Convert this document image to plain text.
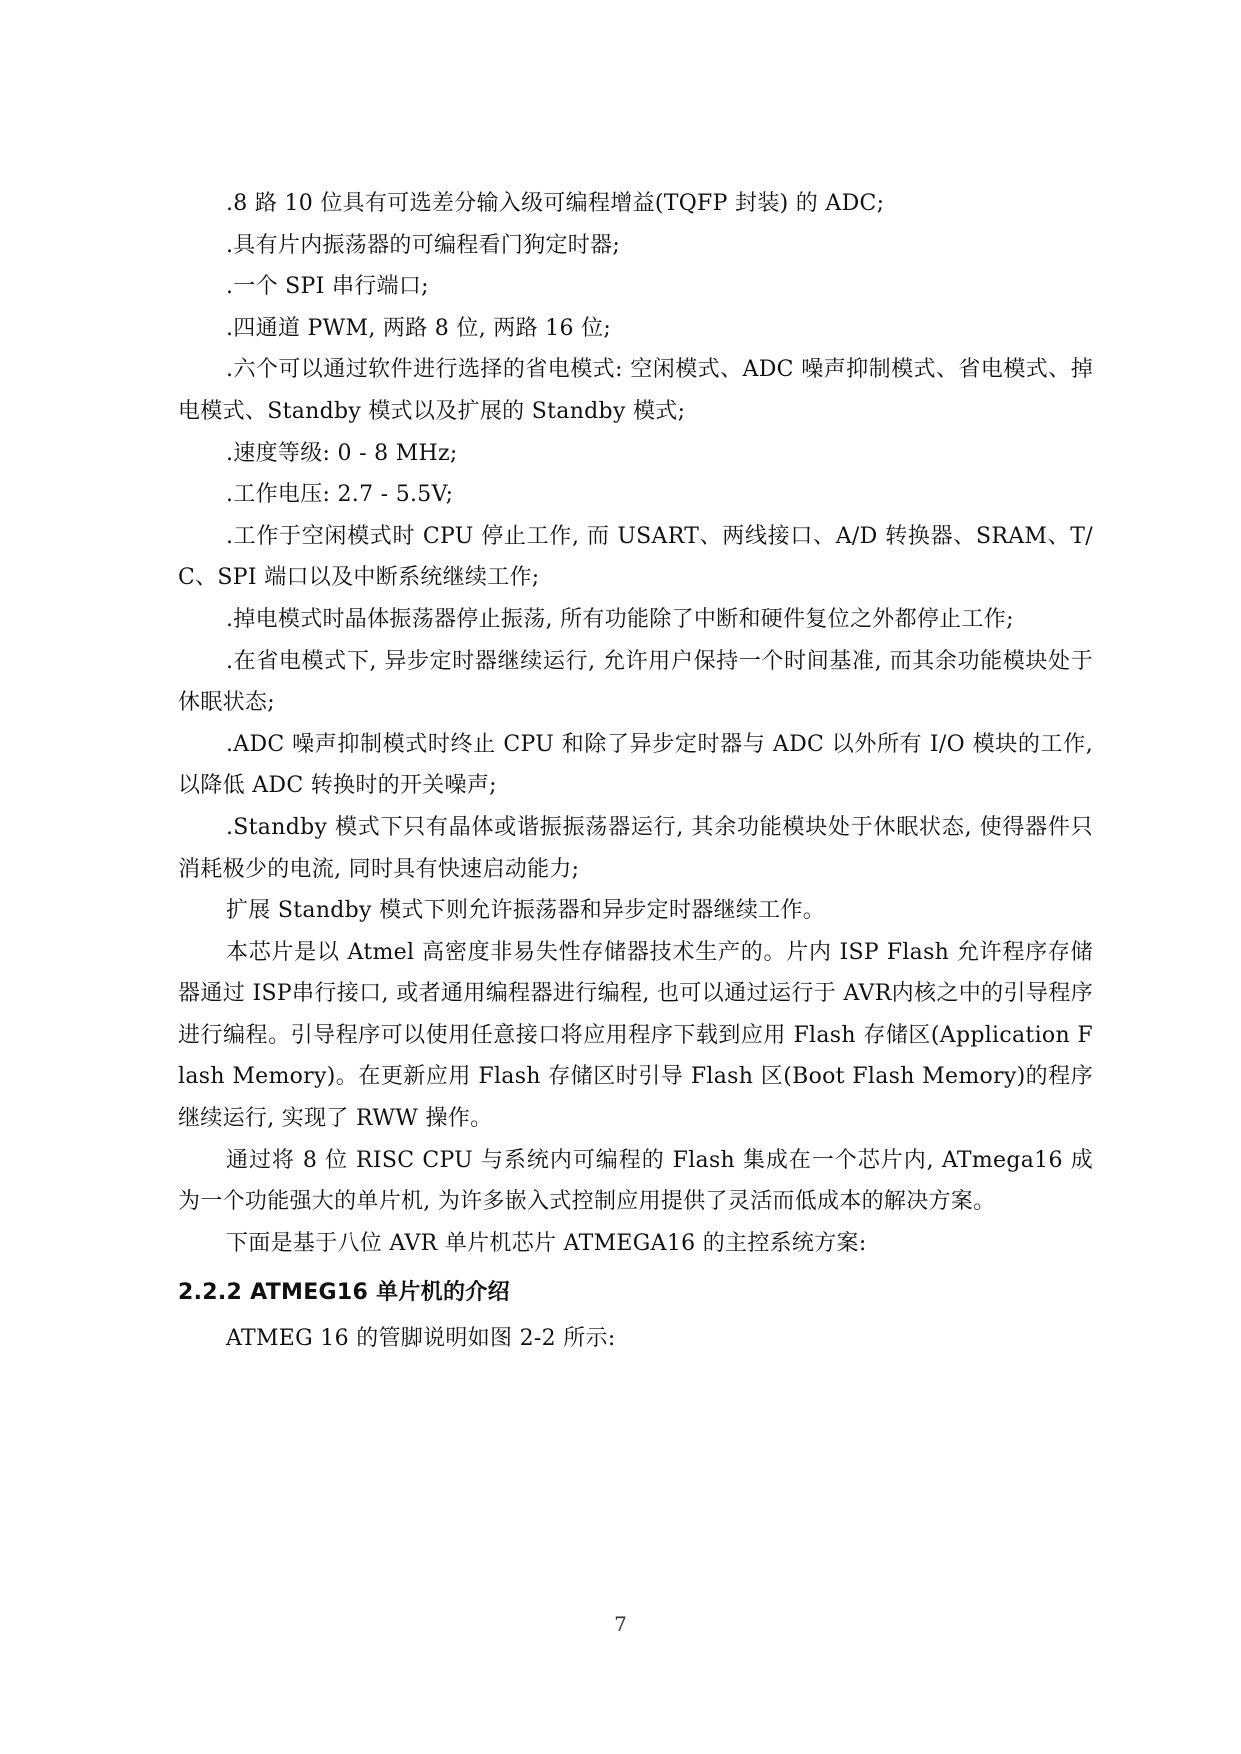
.8 路 10 位具有可选差分输入级可编程增益(TQFP 封装) 的 ADC;

.具有片内振荡器的可编程看门狗定时器;

.一个 SPI 串行端口;

.四通道 PWM, 两路 8 位, 两路 16 位;

.六个可以通过软件进行选择的省电模式: 空闲模式、ADC 噪声抑制模式、省电模式、掉电模式、Standby 模式以及扩展的 Standby 模式;

.速度等级: 0 - 8 MHz;

.工作电压: 2.7 - 5.5V;

.工作于空闲模式时 CPU 停止工作, 而 USART、两线接口、A/D 转换器、SRAM、T/C、SPI 端口以及中断系统继续工作;

.掉电模式时晶体振荡器停止振荡, 所有功能除了中断和硬件复位之外都停止工作;

.在省电模式下, 异步定时器继续运行, 允许用户保持一个时间基准, 而其余功能模块处于休眠状态;

.ADC 噪声抑制模式时终止 CPU 和除了异步定时器与 ADC 以外所有 I/O 模块的工作, 以降低 ADC 转换时的开关噪声;

.Standby 模式下只有晶体或谐振振荡器运行, 其余功能模块处于休眠状态, 使得器件只消耗极少的电流, 同时具有快速启动能力;

扩展 Standby 模式下则允许振荡器和异步定时器继续工作。

本芯片是以 Atmel 高密度非易失性存储器技术生产的。片内 ISP Flash 允许程序存储器通过 ISP串行接口, 或者通用编程器进行编程, 也可以通过运行于 AVR内核之中的引导程序进行编程。引导程序可以使用任意接口将应用程序下载到应用 Flash 存储区(Application Flash Memory)。在更新应用 Flash 存储区时引导 Flash 区(Boot Flash Memory)的程序继续运行, 实现了 RWW 操作。

通过将 8 位 RISC CPU 与系统内可编程的 Flash 集成在一个芯片内, ATmega16 成为一个功能强大的单片机, 为许多嵌入式控制应用提供了灵活而低成本的解决方案。

下面是基于八位 AVR 单片机芯片 ATMEGA16 的主控系统方案:

2.2.2 ATMEG16 单片机的介绍

ATMEG 16 的管脚说明如图 2-2 所示:

7
